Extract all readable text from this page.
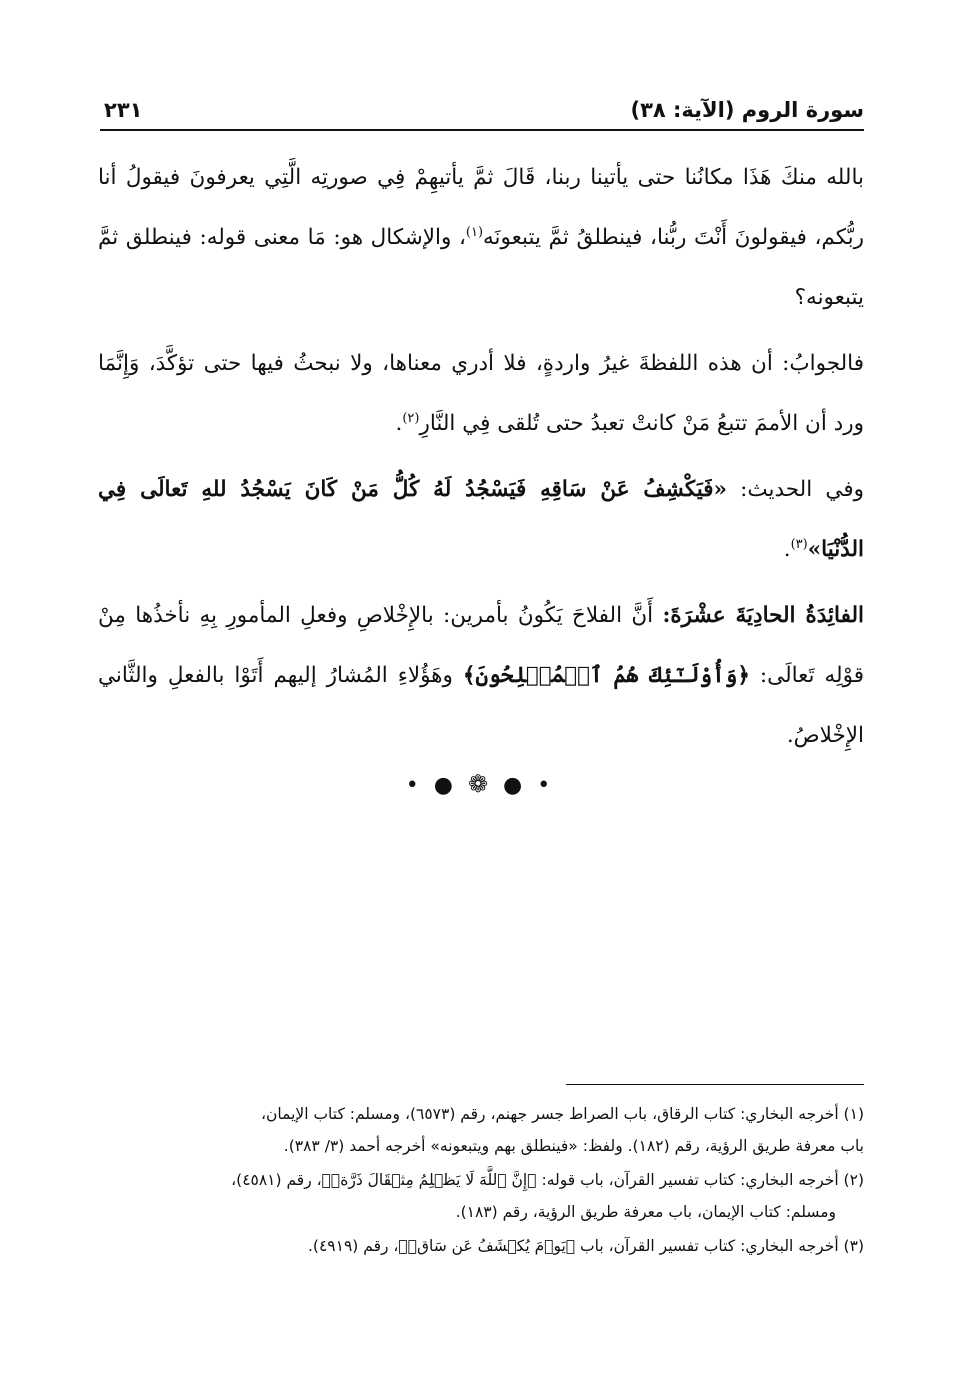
سورة الروم (الآية: ٣٨)
٢٣١

بالله منكَ هَذَا مكانُنا حتى يأتينا ربنا، قَالَ ثمَّ يأتيهِمْ فِي صورتِه الَّتِي يعرفونَ فيقولُ أنا ربُّكم، فيقولونَ أَنْتَ ربُّنا، فينطلقُ ثمَّ يتبعونَه$^{(١)}$، والإشكال هو: مَا معنى قوله: فينطلق ثمَّ يتبعونه؟

فالجوابُ: أن هذه اللفظةَ غيرُ واردةٍ، فلا أدري معناها، ولا نبحثُ فيها حتى تؤكَّدَ، وَإِنَّمَا ورد أن الأممَ تتبعُ مَنْ كانتْ تعبدُ حتى تُلقى فِي النَّارِ$^{(٢)}$.

وفي الحديث: «فَيَكْشِفُ عَنْ سَاقِهِ فَيَسْجُدُ لَهُ كُلُّ مَنْ كَانَ يَسْجُدُ للهِ تَعالَى فِي الدُّنْيَا»$^{(٣)}$.

الفائِدَةُ الحادِيَةَ عشْرَةَ: أَنَّ الفلاحَ يَكُونُ بأمرين: بالإِخْلاصِ وفعلِ المأمورِ بِهِ نأخذُها مِنْ قوْلِه تَعالَى: ﴿وَأُوْلَـٰٓئِكَ هُمُ ٱلۡمُفۡلِحُونَ﴾ وهَؤُلاءِ المُشارُ إليهم أَتَوْا بالفعلِ والثَّاني الإِخْلاصُ.

• ● ❁ ● •
(١) أخرجه البخاري: كتاب الرقاق، باب الصراط جسر جهنم، رقم (٦٥٧٣)، ومسلم: كتاب الإيمان،
باب معرفة طريق الرؤية، رقم (١٨٢). ولفظ: «فينطلق بهم ويتبعونه» أخرجه أحمد (٣/ ٣٨٣).
(٢) أخرجه البخاري: كتاب تفسير القرآن، باب قوله: ﴿إِنَّ ٱللَّهَ لَا يَظۡلِمُ مِثۡقَالَ ذَرَّةٖ﴾، رقم (٤٥٨١)،
ومسلم: كتاب الإيمان، باب معرفة طريق الرؤية، رقم (١٨٣).
(٣) أخرجه البخاري: كتاب تفسير القرآن، باب ﴿يَوۡمَ يُكۡشَفُ عَن سَاقٖ﴾، رقم (٤٩١٩).
